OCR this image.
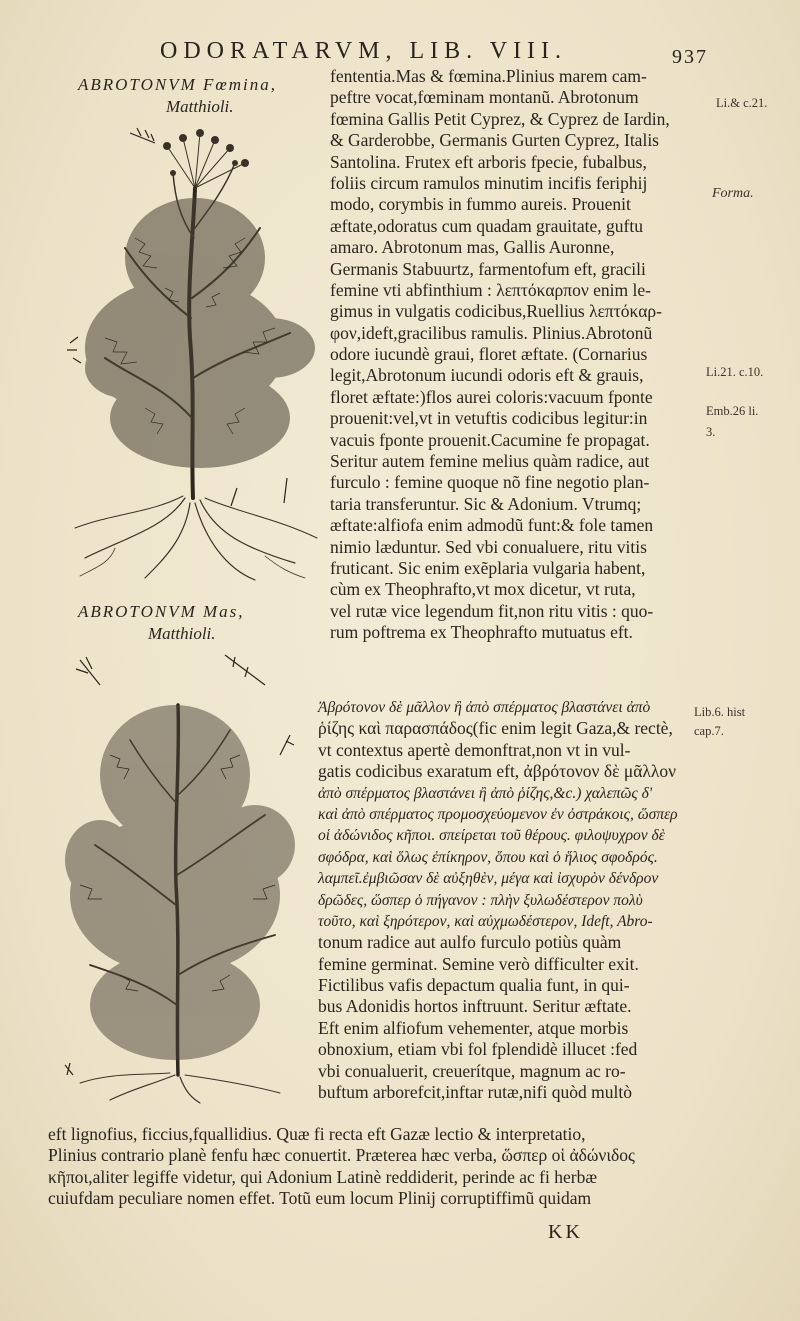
ODORATARVM, LIB. VIII.	937
ABROTONVM Fœmina,
Matthioli.
ABROTONVM Mas,
Matthioli.
Li.& c.21.
Forma.
Li.21. c.10.
Emb.26 li.
3.
Lib.6. hist
cap.7.
fententia.Mas & fœmina.Plinius marem cam-
peftre vocat,fœminam montanũ. Abrotonum
fœmina Gallis Petit Cyprez, & Cyprez de Iardin,
& Garderobbe, Germanis Gurten Cyprez, Italis
Santolina. Frutex eft arboris fpecie, fubalbus,
foliis circum ramulos minutim incifis feriphij
modo, corymbis in fummo aureis. Prouenit
æftate,odoratus cum quadam grauitate, guftu
amaro. Abrotonum mas, Gallis Auronne,
Germanis Stabuurtz, farmentofum eft, gracili
femine vti abfinthium : λεπτόκαρπον enim le-
gimus in vulgatis codicibus,Ruellius λεπτόκαρ-
φον,ideft,gracilibus ramulis. Plinius.Abrotonũ
odore iucundè graui, floret æftate. (Cornarius
legit,Abrotonum iucundi odoris eft & grauis,
floret æftate:)flos aurei coloris:vacuum fponte
prouenit:vel,vt in vetuftis codicibus legitur:in
vacuis fponte prouenit.Cacumine fe propagat.
Seritur autem femine melius quàm radice, aut
furculo : femine quoque nõ fine negotio plan-
taria transferuntur. Sic & Adonium. Vtrumq;
æftate:alfiofa enim admodũ funt:& fole tamen
nimio læduntur. Sed vbi conualuere, ritu vitis
fruticant. Sic enim exẽplaria vulgaria habent,
cùm ex Theophrafto,vt mox dicetur, vt ruta,
vel rutæ vice legendum fit,non ritu vitis : quo-
rum poftrema ex Theophrafto mutuatus eft.
Ἀβρότονον δὲ μᾶλλον ἢ ἀπὸ σπέρματος βλαστάνει ἀπὸ
ῥίζης καὶ παρασπάδος(fic enim legit Gaza,& rectè,
vt contextus apertè demonftrat,non vt in vul-
gatis codicibus exaratum eft, ἀβρότονον δὲ μᾶλλον
ἀπὸ σπέρματος βλαστάνει ἢ ἀπὸ ῥίζης,&c.) χαλεπῶς δ'
καὶ ἀπὸ σπέρματος προμοσχεύομενον ἐν ὀστράκοις, ὥσπερ
οἱ ἀδώνιδος κῆποι. σπείρεται τοῦ θέρους. φιλοψυχρον δὲ
σφόδρα, καὶ ὅλως ἐπίκηρον, ὅπου καὶ ὁ ἥλιος σφοδρός.
λαμπεῖ.ἐμβιῶσαν δὲ αὐξηθὲν, μέγα καὶ ἰσχυρὸν δένδρον
δρῶδες, ὥσπερ ὁ πήγανον : πλὴν ξυλωδέστερον πολὺ
τοῦτο, καὶ ξηρότερον, καὶ αὐχμωδέστερον, Ideft, Abro-
tonum radice aut aulfo furculo potiùs quàm
femine germinat. Semine verò difficulter exit.
Fictilibus vafis depactum qualia funt, in qui-
bus Adonidis hortos inftruunt. Seritur æftate.
Eft enim alfiofum vehementer, atque morbis
obnoxium, etiam vbi fol fplendidè illucet :fed
vbi conualuerit, creuerítque, magnum ac ro-
buftum arborefcit,inftar rutæ,nifi quòd multò
eft lignofius, ficcius,fquallidius. Quæ fi recta eft Gazæ lectio & interpretatio,
Plinius contrario planè fenfu hæc conuertit. Præterea hæc verba, ὥσπερ οἱ ἀδώνιδος
κῆποι,aliter legiffe videtur, qui Adonium Latinè reddiderit, perinde ac fi herbæ
cuiufdam peculiare nomen effet. Totũ eum locum Plinij corruptiffimũ quidam
KK
